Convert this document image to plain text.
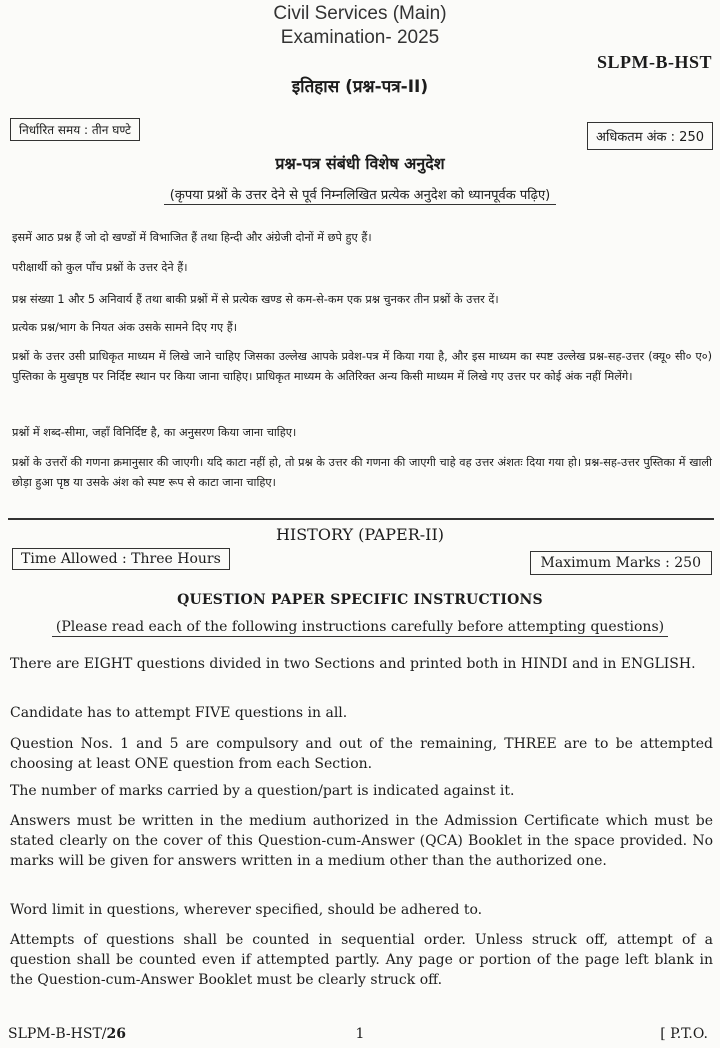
Civil Services (Main)
Examination- 2025
SLPM-B-HST
इतिहास (प्रश्न-पत्र-II)
निर्धारित समय : तीन घण्टे	अधिकतम अंक : 250
प्रश्न-पत्र संबंधी विशेष अनुदेश
(कृपया प्रश्नों के उत्तर देने से पूर्व निम्नलिखित प्रत्येक अनुदेश को ध्यानपूर्वक पढ़िए)
इसमें आठ प्रश्न हैं जो दो खण्डों में विभाजित हैं तथा हिन्दी और अंग्रेजी दोनों में छपे हुए हैं।
परीक्षार्थी को कुल पाँच प्रश्नों के उत्तर देने हैं।
प्रश्न संख्या 1 और 5 अनिवार्य हैं तथा बाकी प्रश्नों में से प्रत्येक खण्ड से कम-से-कम एक प्रश्न चुनकर तीन प्रश्नों के उत्तर दें।
प्रत्येक प्रश्न/भाग के नियत अंक उसके सामने दिए गए हैं।
प्रश्नों के उत्तर उसी प्राधिकृत माध्यम में लिखे जाने चाहिए जिसका उल्लेख आपके प्रवेश-पत्र में किया गया है, और इस माध्यम का स्पष्ट उल्लेख प्रश्न-सह-उत्तर (क्यू० सी० ए०) पुस्तिका के मुखपृष्ठ पर निर्दिष्ट स्थान पर किया जाना चाहिए। प्राधिकृत माध्यम के अतिरिक्त अन्य किसी माध्यम में लिखे गए उत्तर पर कोई अंक नहीं मिलेंगे।
प्रश्नों में शब्द-सीमा, जहाँ विनिर्दिष्ट है, का अनुसरण किया जाना चाहिए।
प्रश्नों के उत्तरों की गणना क्रमानुसार की जाएगी। यदि काटा नहीं हो, तो प्रश्न के उत्तर की गणना की जाएगी चाहे वह उत्तर अंशतः दिया गया हो। प्रश्न-सह-उत्तर पुस्तिका में खाली छोड़ा हुआ पृष्ठ या उसके अंश को स्पष्ट रूप से काटा जाना चाहिए।
HISTORY (PAPER-II)
Time Allowed : Three Hours	Maximum Marks : 250
QUESTION PAPER SPECIFIC INSTRUCTIONS
(Please read each of the following instructions carefully before attempting questions)
There are EIGHT questions divided in two Sections and printed both in HINDI and in ENGLISH.
Candidate has to attempt FIVE questions in all.
Question Nos. 1 and 5 are compulsory and out of the remaining, THREE are to be attempted choosing at least ONE question from each Section.
The number of marks carried by a question/part is indicated against it.
Answers must be written in the medium authorized in the Admission Certificate which must be stated clearly on the cover of this Question-cum-Answer (QCA) Booklet in the space provided. No marks will be given for answers written in a medium other than the authorized one.
Word limit in questions, wherever specified, should be adhered to.
Attempts of questions shall be counted in sequential order. Unless struck off, attempt of a question shall be counted even if attempted partly. Any page or portion of the page left blank in the Question-cum-Answer Booklet must be clearly struck off.
SLPM-B-HST/26	1	[ P.T.O.
